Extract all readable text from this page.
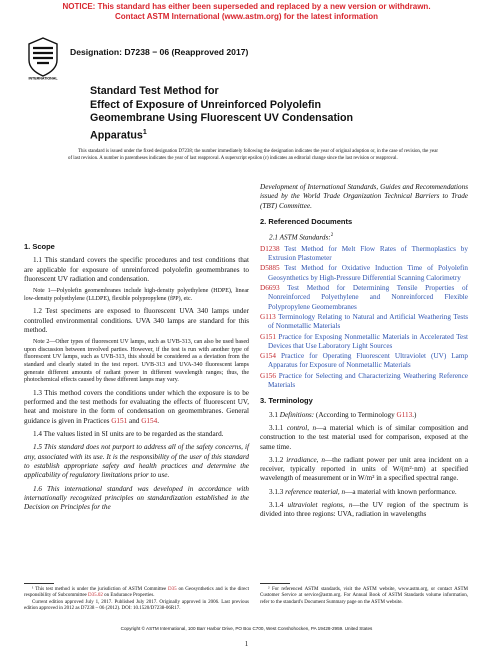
NOTICE: This standard has either been superseded and replaced by a new version or withdrawn.
Contact ASTM International (www.astm.org) for the latest information
INTERNATIONAL
Designation: D7238 − 06 (Reapproved 2017)
Standard Test Method for
Effect of Exposure of Unreinforced Polyolefin
Geomembrane Using Fluorescent UV Condensation
Apparatus$^1$
This standard is issued under the fixed designation D7238; the number immediately following the designation indicates the year of original adoption or, in the case of revision, the year of last revision. A number in parentheses indicates the year of last reapproval. A superscript epsilon (ε) indicates an editorial change since the last revision or reapproval.
1. Scope
1.1 This standard covers the specific procedures and test conditions that are applicable for exposure of unreinforced polyolefin geomembranes to fluorescent UV radiation and condensation.
Note 1—Polyolefin geomembranes include high-density polyethylene (HDPE), linear low-density polyethylene (LLDPE), flexible polypropylene (fPP), etc.
1.2 Test specimens are exposed to fluorescent UVA 340 lamps under controlled environmental conditions. UVA 340 lamps are standard for this method.
Note 2—Other types of fluorescent UV lamps, such as UVB-313, can also be used based upon discussion between involved parties. However, if the test is run with another type of fluorescent UV lamps, such as UVB-313, this should be considered as a deviation from the standard and clearly stated in the test report. UVB-313 and UVA-340 fluorescent lamps generate different amounts of radiant power in different wavelength ranges; thus, the photochemical effects caused by these different lamps may vary.
1.3 This method covers the conditions under which the exposure is to be performed and the test methods for evaluating the effects of fluorescent UV, heat and moisture in the form of condensation on geomembranes. General guidance is given in Practices G151 and G154.
1.4 The values listed in SI units are to be regarded as the standard.
1.5 This standard does not purport to address all of the safety concerns, if any, associated with its use. It is the responsibility of the user of this standard to establish appropriate safety and health practices and determine the applicability of regulatory limitations prior to use.
1.6 This international standard was developed in accordance with internationally recognized principles on standardization established in the Decision on Principles for the
Development of International Standards, Guides and Recommendations issued by the World Trade Organization Technical Barriers to Trade (TBT) Committee.
2. Referenced Documents
2.1 ASTM Standards:$^2$
D1238 Test Method for Melt Flow Rates of Thermoplastics by Extrusion Plastometer
D5885 Test Method for Oxidative Induction Time of Polyolefin Geosynthetics by High-Pressure Differential Scanning Calorimetry
D6693 Test Method for Determining Tensile Properties of Nonreinforced Polyethylene and Nonreinforced Flexible Polypropylene Geomembranes
G113 Terminology Relating to Natural and Artificial Weathering Tests of Nonmetallic Materials
G151 Practice for Exposing Nonmetallic Materials in Accelerated Test Devices that Use Laboratory Light Sources
G154 Practice for Operating Fluorescent Ultraviolet (UV) Lamp Apparatus for Exposure of Nonmetallic Materials
G156 Practice for Selecting and Characterizing Weathering Reference Materials
3. Terminology
3.1 Definitions: (According to Terminology G113.)
3.1.1 control, n—a material which is of similar composition and construction to the test material used for comparison, exposed at the same time.
3.1.2 irradiance, n—the radiant power per unit area incident on a receiver, typically reported in units of W/(m²·nm) at specified wavelength of measurement or in W/m² in a specified spectral range.
3.1.3 reference material, n—a material with known performance.
3.1.4 ultraviolet regions, n—the UV region of the spectrum is divided into three regions: UVA, radiation in wavelengths
¹ This test method is under the jurisdiction of ASTM Committee D35 on Geosynthetics and is the direct responsibility of Subcommittee D35.02 on Endurance Properties.
Current edition approved July 1, 2017. Published July 2017. Originally approved in 2006. Last previous edition approved in 2012 as D7238 – 06 (2012). DOI: 10.1520/D7238-06R17.
² For referenced ASTM standards, visit the ASTM website, www.astm.org, or contact ASTM Customer Service at service@astm.org. For Annual Book of ASTM Standards volume information, refer to the standard's Document Summary page on the ASTM website.
Copyright © ASTM International, 100 Barr Harbor Drive, PO Box C700, West Conshohocken, PA 19428-2959. United States
1
